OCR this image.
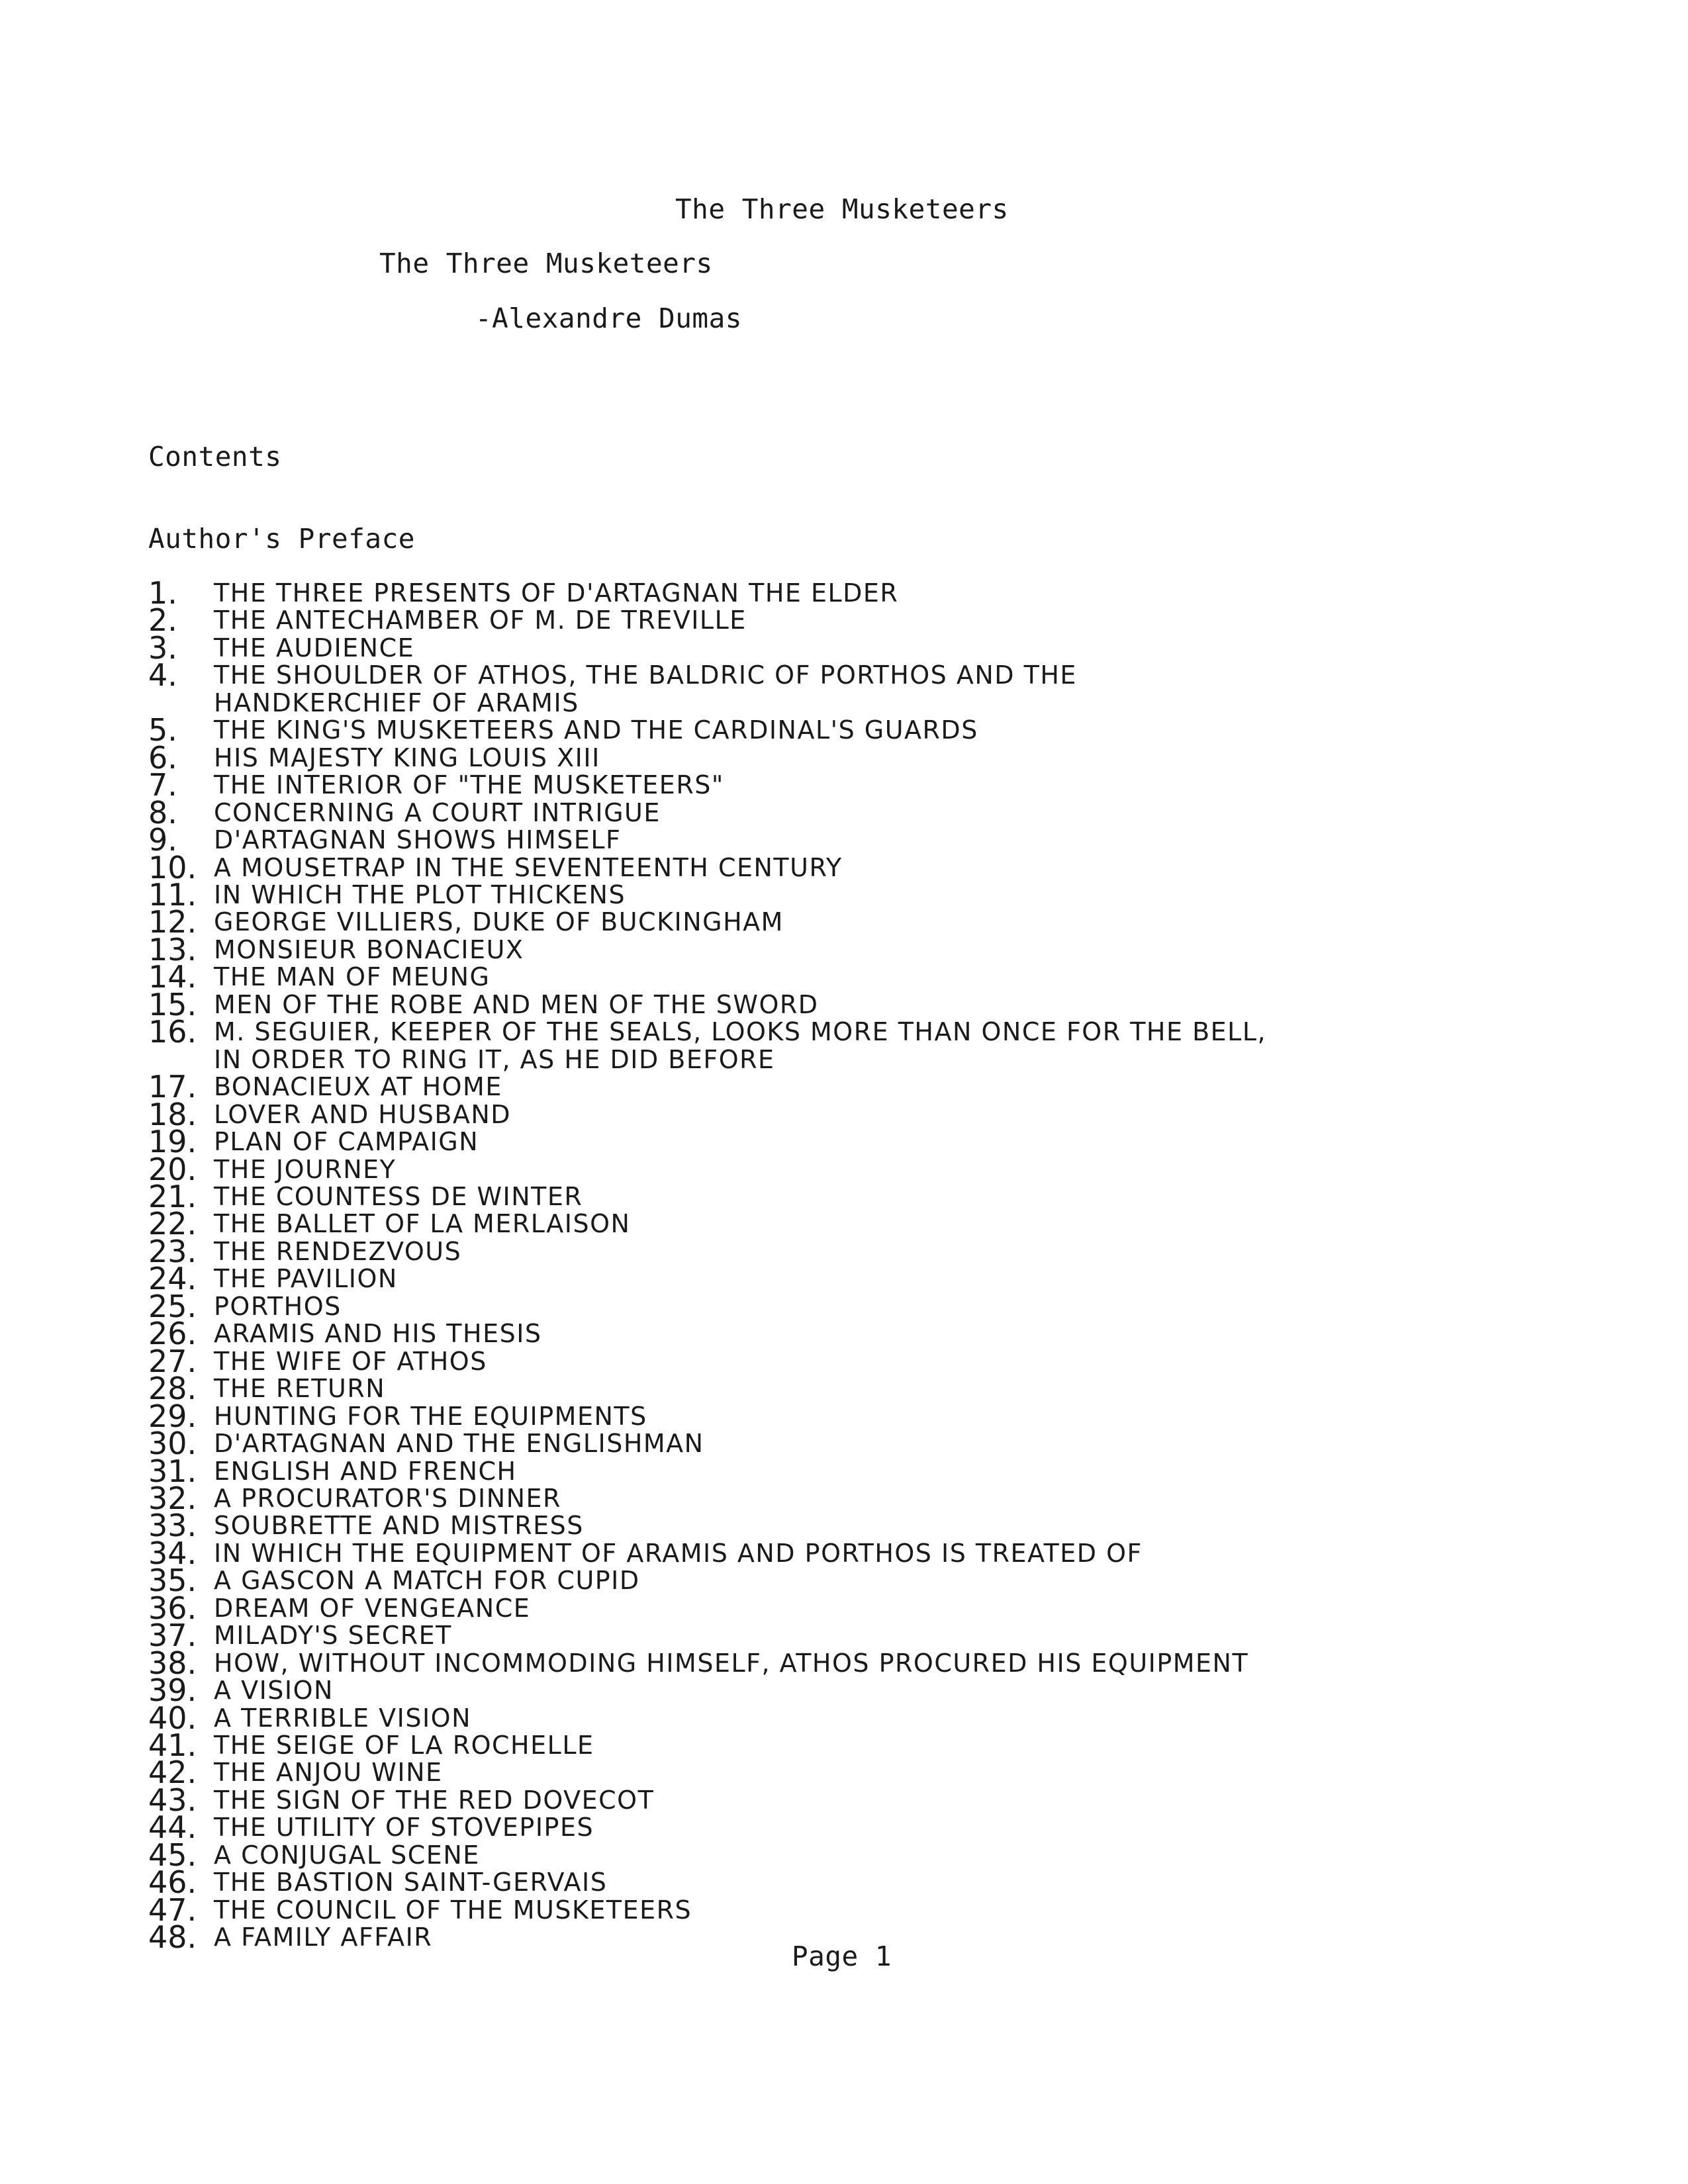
The Three Musketeers
The Three Musketeers
-Alexandre Dumas
Contents
Author's Preface
1.	THE THREE PRESENTS OF D'ARTAGNAN THE ELDER
2.	THE ANTECHAMBER OF M. DE TREVILLE
3.	THE AUDIENCE
4.	THE SHOULDER OF ATHOS, THE BALDRIC OF PORTHOS AND THE
HANDKERCHIEF OF ARAMIS
5.	THE KING'S MUSKETEERS AND THE CARDINAL'S GUARDS
6.	HIS MAJESTY KING LOUIS XIII
7.	THE INTERIOR OF "THE MUSKETEERS"
8.	CONCERNING A COURT INTRIGUE
9.	D'ARTAGNAN SHOWS HIMSELF
10. A MOUSETRAP IN THE SEVENTEENTH CENTURY
11. IN WHICH THE PLOT THICKENS
12. GEORGE VILLIERS, DUKE OF BUCKINGHAM
13. MONSIEUR BONACIEUX
14. THE MAN OF MEUNG
15. MEN OF THE ROBE AND MEN OF THE SWORD
16. M. SEGUIER, KEEPER OF THE SEALS, LOOKS MORE THAN ONCE FOR THE BELL,
IN ORDER TO RING IT, AS HE DID BEFORE
17. BONACIEUX AT HOME
18. LOVER AND HUSBAND
19. PLAN OF CAMPAIGN
20. THE JOURNEY
21. THE COUNTESS DE WINTER
22. THE BALLET OF LA MERLAISON
23. THE RENDEZVOUS
24. THE PAVILION
25. PORTHOS
26. ARAMIS AND HIS THESIS
27. THE WIFE OF ATHOS
28. THE RETURN
29. HUNTING FOR THE EQUIPMENTS
30. D'ARTAGNAN AND THE ENGLISHMAN
31. ENGLISH AND FRENCH
32. A PROCURATOR'S DINNER
33. SOUBRETTE AND MISTRESS
34. IN WHICH THE EQUIPMENT OF ARAMIS AND PORTHOS IS TREATED OF
35. A GASCON A MATCH FOR CUPID
36. DREAM OF VENGEANCE
37. MILADY'S SECRET
38. HOW, WITHOUT INCOMMODING HIMSELF, ATHOS PROCURED HIS EQUIPMENT
39. A VISION
40. A TERRIBLE VISION
41. THE SEIGE OF LA ROCHELLE
42. THE ANJOU WINE
43. THE SIGN OF THE RED DOVECOT
44. THE UTILITY OF STOVEPIPES
45. A CONJUGAL SCENE
46. THE BASTION SAINT-GERVAIS
47. THE COUNCIL OF THE MUSKETEERS
48. A FAMILY AFFAIR
Page 1
